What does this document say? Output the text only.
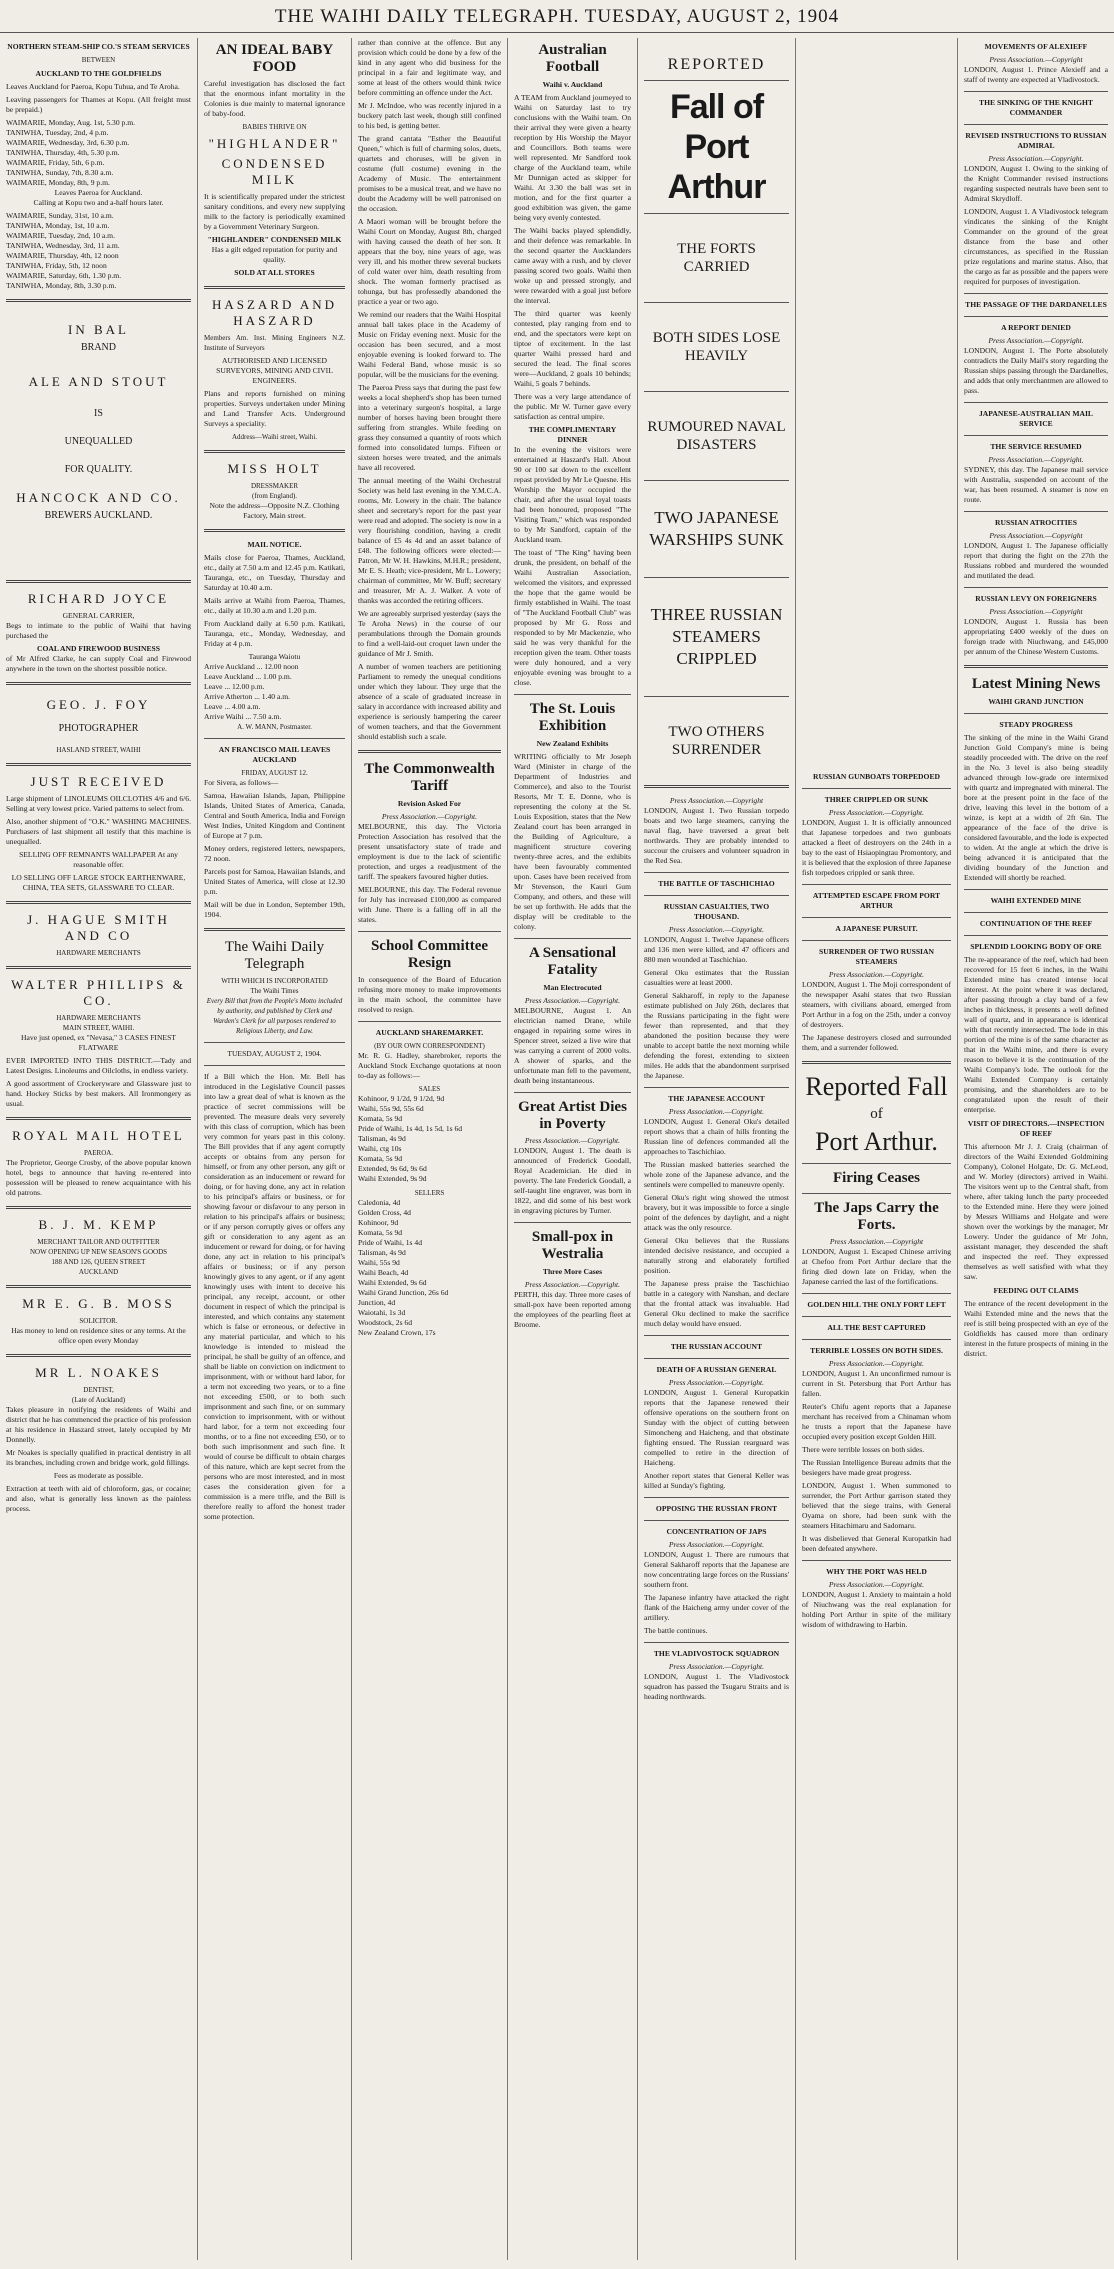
THE WAIHI DAILY TELEGRAPH. TUESDAY, AUGUST 2, 1904
NORTHERN STEAM-SHIP CO.'S STEAM SERVICES
BETWEEN
AUCKLAND TO THE GOLDFIELDS

Leaves Auckland for Paeroa, Kopu Tuhua, and Te Aroha.

Leaving passengers for Thames at Kopu. (All freight must be prepaid.)

WAIMARIE, Monday, Aug. 1st, 5.30 p.m.
TANIWHA, Tuesday, 2nd, 4 p.m.
WAIMARIE, Wednesday, 3rd, 6.30 p.m.
TANIWHA, Thursday, 4th, 5.30 p.m.
WAIMARIE, Friday, 5th, 6 p.m.
TANIWHA, Sunday, 7th, 8.30 a.m.
WAIMARIE, Monday, 8th, 9 p.m.
Leaves Paeroa for Auckland.

Calling at Kopu two and a-half hours later.

WAIMARIE, Sunday, 31st, 10 a.m.
TANIWHA, Monday, 1st, 10 a.m.
WAIMARIE, Tuesday, 2nd, 10 a.m.
TANIWHA, Wednesday, 3rd, 11 a.m.
WAIMARIE, Thursday, 4th, 12 noon
TANIWHA, Friday, 5th, 12 noon
WAIMARIE, Saturday, 6th, 1.30 p.m.
TANIWHA, Monday, 8th, 3.30 p.m.
IN BAL
BRAND
ALE AND STOUT
IS
UNEQUALLED
FOR QUALITY.
HANCOCK AND CO.
BREWERS AUCKLAND.
RICHARD JOYCE
GENERAL CARRIER,

Begs to intimate to the public of Waihi that having purchased the

COAL AND FIREWOOD BUSINESS

of Mr Alfred Clarke, he can supply Coal and Firewood anywhere in the town on the shortest possible notice.

GEO. J. FOY
PHOTOGRAPHER
HASLAND STREET, WAIHI
JUST RECEIVED

Large shipment of LINOLEUMS OILCLOTHS 4/6 and 6/6. Selling at very lowest price. Varied patterns to select from.

Also, another shipment of "O.K." WASHING MACHINES. Purchasers of last shipment all testify that this machine is unequalled.

SELLING OFF REMNANTS WALLPAPER At any reasonable offer.

LO SELLING OFF LARGE STOCK EARTHENWARE, CHINA, TEA SETS, GLASSWARE TO CLEAR.

J. HAGUE SMITH AND CO
HARDWARE MERCHANTS
WALTER PHILLIPS & CO.
HARDWARE MERCHANTS
MAIN STREET, WAIHI.

Have just opened, ex "Nevasa," 3 CASES FINEST FLATWARE

EVER IMPORTED INTO THIS DISTRICT.—Tady and Latest Designs. Linoleums and Oilcloths, in endless variety.

A good assortment of Crockeryware and Glassware just to hand. Hockey Sticks by best makers. All Ironmongery as usual.

ROYAL MAIL HOTEL
PAEROA.

The Proprietor, George Crosby, of the above popular known hotel, begs to announce that having re-entered into possession will be pleased to renew acquaintance with his old patrons.

B. J. M. KEMP
MERCHANT TAILOR AND OUTFITTER
NOW OPENING UP NEW SEASON'S GOODS
188 AND 126, QUEEN STREET
AUCKLAND
MR E. G. B. MOSS
SOLICITOR.

Has money to lend on residence sites or any terms. At the office open every Monday

MR L. NOAKES
DENTIST,
(Late of Auckland)

Takes pleasure in notifying the residents of Waihi and district that he has commenced the practice of his profession at his residence in Haszard street, lately occupied by Mr Donnelly.

Mr Noakes is specially qualified in practical dentistry in all its branches, including crown and bridge work, gold fillings.

Fees as moderate as possible.

Extraction at teeth with aid of chloroform, gas, or cocaine; and also, what is generally less known as the painless process.

AN IDEAL BABY FOOD

Careful investigation has disclosed the fact that the enormous infant mortality in the Colonies is due mainly to maternal ignorance of baby-food.

BABIES THRIVE ON
"HIGHLANDER"
CONDENSED MILK

It is scientifically prepared under the strictest sanitary conditions, and every new supplying milk to the factory is periodically examined by a Government Veterinary Surgeon.

"HIGHLANDER" CONDENSED MILK

Has a gilt edged reputation for purity and quality.

SOLD AT ALL STORES
HASZARD AND HASZARD

Members Am. Inst. Mining Engineers N.Z. Institute of Surveyors

AUTHORISED AND LICENSED SURVEYORS, MINING AND CIVIL ENGINEERS.

Plans and reports furnished on mining properties. Surveys undertaken under Mining and Land Transfer Acts. Underground Surveys a speciality.

Address—Waihi street, Waihi.
MISS HOLT
DRESSMAKER
(from England).

Note the address—Opposite N.Z. Clothing Factory, Main street.

MAIL NOTICE.

Mails close for Paeroa, Thames, Auckland, etc., daily at 7.50 a.m and 12.45 p.m. Katikati, Tauranga, etc., on Tuesday, Thursday and Saturday at 10.40 a.m.

Mails arrive at Waihi from Paeroa, Thames, etc., daily at 10.30 a.m and 1.20 p.m.

From Auckland daily at 6.50 p.m. Katikati, Tauranga, etc., Monday, Wednesday, and Friday at 4 p.m.

Tauranga Waiotu
Arrive Auckland ... 12.00 noon
Leave Auckland ... 1.00 p.m.
Leave ... 12.00 p.m.
Arrive Atherton ... 1.40 a.m.
Leave ... 4.00 a.m.
Arrive Waihi ... 7.50 a.m.
A. W. MANN, Postmaster.
AN FRANCISCO MAIL LEAVES AUCKLAND
FRIDAY, AUGUST 12.

For Sivera, as follows—

Samoa, Hawaiian Islands, Japan, Philippine Islands, United States of America, Canada, Central and South America, India and Foreign West Indies, United Kingdom and Continent of Europe at 7 p.m.

Money orders, registered letters, newspapers, 72 noon.

Parcels post for Samoa, Hawaiian Islands, and United States of America, will close at 12.30 p.m.

Mail will be due in London, September 19th, 1904.

The Waihi Daily Telegraph
WITH WHICH IS INCORPORATED
The Waihi Times

Every Bill that from the People's Motto included by authority, and published by Clerk and Warden's Clerk for all purposes rendered to Religious Liberty, and Law.

TUESDAY, AUGUST 2, 1904.

If a Bill which the Hon. Mr. Bell has introduced in the Legislative Council passes into law a great deal of what is known as the practice of secret commissions will be prevented. The measure deals very severely with this class of corruption, which has been very common for years past in this colony. The Bill provides that if any agent corruptly accepts or obtains from any person for himself, or from any other person, any gift or consideration as an inducement or reward for doing, or for having done, any act in relation to his principal's affairs or business, or for showing favour or disfavour to any person in relation to his principal's affairs or business; or if any person corruptly gives or offers any gift or consideration to any agent as an inducement or reward for doing, or for having done, any act in relation to his principal's affairs or business; or if any person knowingly gives to any agent, or if any agent knowingly uses with intent to deceive his principal, any receipt, account, or other document in respect of which the principal is interested, and which contains any statement which is false or erroneous, or defective in any material particular, and which to his knowledge is intended to mislead the principal, he shall be guilty of an offence, and shall be liable on conviction on indictment to imprisonment, with or without hard labor, for a term not exceeding two years, or to a fine not exceeding £500, or to both such imprisonment and such fine, or on summary conviction to imprisonment, with or without hard labor, for a term not exceeding four months, or to a fine not exceeding £50, or to both such imprisonment and such fine. It would of course be difficult to obtain charges of this nature, which are kept secret from the persons who are most interested, and in most cases the consideration given for a commission is a mere trifle, and the Bill is therefore really to afford the honest trader some protection.

rather than connive at the offence. But any provision which could be done by a few of the kind in any agent who did business for the principal in a fair and legitimate way, and some at least of the others would think twice before committing an offence under the Act.

Mr J. McIndoe, who was recently injured in a buckery patch last week, though still confined to his bed, is getting better.

The grand cantata "Esther the Beautiful Queen," which is full of charming solos, duets, quartets and choruses, will be given in costume (full costume) evening in the Academy of Music. The entertainment promises to be a musical treat, and we have no doubt the Academy will be well patronised on the occasion.

A Maori woman will be brought before the Waihi Court on Monday, August 8th, charged with having caused the death of her son. It appears that the boy, nine years of age, was very ill, and his mother threw several buckets of cold water over him, death resulting from shock. The woman formerly practised as tohunga, but has professedly abandoned the practice a year or two ago.

We remind our readers that the Waihi Hospital annual ball takes place in the Academy of Music on Friday evening next. Music for the occasion has been secured, and a most enjoyable evening is looked forward to. The Waihi Federal Band, whose music is so popular, will be the musicians for the evening.

The Paeroa Press says that during the past few weeks a local shepherd's shop has been turned into a veterinary surgeon's hospital, a large number of horses having been brought there suffering from strangles. While feeding on grass they consumed a quantity of roots which formed into consolidated lumps. Fifteen or sixteen horses were treated, and the animals have all recovered.

The annual meeting of the Waihi Orchestral Society was held last evening in the Y.M.C.A. rooms, Mr. Lowery in the chair. The balance sheet and secretary's report for the past year were read and adopted. The society is now in a very flourishing condition, having a credit balance of £5 4s 4d and an asset balance of £48. The following officers were elected:—Patron, Mr W. H. Hawkins, M.H.R.; president, Mr E. S. Heath; vice-president, Mr L. Lowery; chairman of committee, Mr W. Buff; secretary and treasurer, Mr A. J. Walker. A vote of thanks was accorded the retiring officers.

We are agreeably surprised yesterday (says the Te Aroha News) in the course of our perambulations through the Domain grounds to find a well-laid-out croquet lawn under the guidance of Mr J. Smith.

A number of women teachers are petitioning Parliament to remedy the unequal conditions under which they labour. They urge that the absence of a scale of graduated increase in salary in accordance with increased ability and experience is seriously hampering the career of women teachers, and that the Government should establish such a scale.

The Commonwealth Tariff
Revision Asked For
Press Association.—Copyright.

MELBOURNE, this day. The Victoria Protection Association has resolved that the present unsatisfactory state of trade and employment is due to the lack of scientific protection, and urges a readjustment of the tariff. The speakers favoured higher duties.

MELBOURNE, this day. The Federal revenue for July has increased £100,000 as compared with June. There is a falling off in all the states.

School Committee Resign

In consequence of the Board of Education refusing more money to make improvements in the main school, the committee have resolved to resign.

AUCKLAND SHAREMARKET.
(BY OUR OWN CORRESPONDENT)

Mr. R. G. Hadley, sharebroker, reports the Auckland Stock Exchange quotations at noon to-day as follows:—

SALES
Kohinoor, 9 1/2d, 9 1/2d, 9d
Waihi, 55s 9d, 55s 6d
Komata, 5s 9d
Pride of Waihi, 1s 4d, 1s 5d, 1s 6d
Talisman, 4s 9d
Waihi, ctg 10s
Komata, 5s 9d
Extended, 9s 6d, 9s 6d
Waihi Extended, 9s 9d
SELLERS
Caledonia, 4d
Golden Cross, 4d
Kohinoor, 9d
Komata, 5s 9d
Pride of Waihi, 1s 4d
Talisman, 4s 9d
Waihi, 55s 9d
Waihi Beach, 4d
Waihi Extended, 9s 6d
Waihi Grand Junction, 26s 6d
Junction, 4d
Waiotahi, 1s 3d
Woodstock, 2s 6d
New Zealand Crown, 17s
Australian Football
Waihi v. Auckland

A TEAM from Auckland journeyed to Waihi on Saturday last to try conclusions with the Waihi team. On their arrival they were given a hearty reception by His Worship the Mayor and Councillors. Both teams were well represented. Mr Sandford took charge of the Auckland team, while Mr Dunnigan acted as skipper for Waihi. At 3.30 the ball was set in motion, and for the first quarter a good exhibition was given, the game being very evenly contested.

The Waihi backs played splendidly, and their defence was remarkable. In the second quarter the Aucklanders came away with a rush, and by clever passing scored two goals. Waihi then woke up and pressed strongly, and were rewarded with a goal just before the interval.

The third quarter was keenly contested, play ranging from end to end, and the spectators were kept on tiptoe of excitement. In the last quarter Waihi pressed hard and secured the lead. The final scores were—Auckland, 2 goals 10 behinds; Waihi, 5 goals 7 behinds.

There was a very large attendance of the public. Mr W. Turner gave every satisfaction as central umpire.

THE COMPLIMENTARY DINNER

In the evening the visitors were entertained at Haszard's Hall. About 90 or 100 sat down to the excellent repast provided by Mr Le Quesne. His Worship the Mayor occupied the chair, and after the usual loyal toasts had been honoured, proposed "The Visiting Team," which was responded to by Mr Sandford, captain of the Auckland team.

The toast of "The King" having been drunk, the president, on behalf of the Waihi Australian Association, welcomed the visitors, and expressed the hope that the game would be firmly established in Waihi. The toast of "The Auckland Football Club" was proposed by Mr G. Ross and responded to by Mr Mackenzie, who said he was very thankful for the reception given the team. Other toasts were duly honoured, and a very enjoyable evening was brought to a close.

The St. Louis Exhibition
New Zealand Exhibits

WRITING officially to Mr Joseph Ward (Minister in charge of the Department of Industries and Commerce), and also to the Tourist Resorts, Mr T. E. Donne, who is representing the colony at the St. Louis Exposition, states that the New Zealand court has been arranged in the Building of Agriculture, a magnificent structure covering twenty-three acres, and the exhibits have been favourably commented upon. Cases have been received from Mr Stevenson, the Kauri Gum Company, and others, and these will be set up forthwith. He adds that the display will be creditable to the colony.

A Sensational Fatality
Man Electrocuted
Press Association.—Copyright.

MELBOURNE, August 1. An electrician named Drane, while engaged in repairing some wires in Spencer street, seized a live wire that was carrying a current of 2000 volts. A shower of sparks, and the unfortunate man fell to the pavement, death being instantaneous.

Great Artist Dies in Poverty
Press Association.—Copyright.

LONDON, August 1. The death is announced of Frederick Goodall, Royal Academician. He died in poverty. The late Frederick Goodall, a self-taught line engraver, was born in 1822, and did some of his best work in engraving pictures by Turner.

Small-pox in Westralia
Three More Cases
Press Association.—Copyright.

PERTH, this day. Three more cases of small-pox have been reported among the employees of the pearling fleet at Broome.

REPORTED
Fall of Port Arthur
THE FORTS CARRIED
BOTH SIDES LOSE HEAVILY
RUMOURED NAVAL DISASTERS
TWO JAPANESE WARSHIPS SUNK
THREE RUSSIAN STEAMERS CRIPPLED
TWO OTHERS SURRENDER
Press Association.—Copyright

LONDON, August 1. Two Russian torpedo boats and two large steamers, carrying the naval flag, have traversed a great belt northwards. They are probably intended to succour the cruisers and volunteer squadron in the Red Sea.

THE BATTLE OF TASCHICHIAO
RUSSIAN CASUALTIES, TWO THOUSAND.
Press Association.—Copyright.

LONDON, August 1. Twelve Japanese officers and 136 men were killed, and 47 officers and 880 men wounded at Taschichiao.

General Oku estimates that the Russian casualties were at least 2000.

General Sakharoff, in reply to the Japanese estimate published on July 26th, declares that the Russians participating in the fight were fewer than represented, and that they abandoned the position because they were unable to accept battle the next morning while defending the forest, extending to sixteen miles. He adds that the abandonment surprised the Japanese.

THE JAPANESE ACCOUNT
Press Association.—Copyright.

LONDON, August 1. General Oku's detailed report shows that a chain of hills fronting the Russian line of defences commanded all the approaches to Taschichiao.

The Russian masked batteries searched the whole zone of the Japanese advance, and the sentinels were compelled to maneuvre openly.

General Oku's right wing showed the utmost bravery, but it was impossible to force a single point of the defences by daylight, and a night attack was the only resource.

General Oku believes that the Russians intended decisive resistance, and occupied a naturally strong and elaborately fortified position.

The Japanese press praise the Taschichiao battle in a category with Nanshan, and declare that the frontal attack was invaluable. Had General Oku declined to make the sacrifice much delay would have ensued.

THE RUSSIAN ACCOUNT
DEATH OF A RUSSIAN GENERAL
Press Association.—Copyright.

LONDON, August 1. General Kuropatkin reports that the Japanese renewed their offensive operations on the southern front on Sunday with the object of cutting between Simoncheng and Haicheng, and that obstinate fighting ensued. The Russian rearguard was compelled to retire in the direction of Haicheng.

Another report states that General Keller was killed at Sunday's fighting.

OPPOSING THE RUSSIAN FRONT
CONCENTRATION OF JAPS
Press Association.—Copyright.

LONDON, August 1. There are rumours that General Sakharoff reports that the Japanese are now concentrating large forces on the Russians' southern front.

The Japanese infantry have attacked the right flank of the Haicheng army under cover of the artillery.

The battle continues.

THE VLADIVOSTOCK SQUADRON
Press Association.—Copyright.

LONDON, August 1. The Vladivostock squadron has passed the Tsugaru Straits and is heading northwards.

RUSSIAN GUNBOATS TORPEDOED
THREE CRIPPLED OR SUNK
Press Association.—Copyright.

LONDON, August 1. It is officially announced that Japanese torpedoes and two gunboats attacked a fleet of destroyers on the 24th in a bay to the east of Hsiaopingtau Promontory, and it is believed that the explosion of three Japanese fish torpedoes crippled or sank three.

ATTEMPTED ESCAPE FROM PORT ARTHUR
A JAPANESE PURSUIT.
SURRENDER OF TWO RUSSIAN STEAMERS
Press Association.—Copyright.

LONDON, August 1. The Moji correspondent of the newspaper Asahi states that two Russian steamers, with civilians aboard, emerged from Port Arthur in a fog on the 25th, under a convoy of destroyers.

The Japanese destroyers closed and surrounded them, and a surrender followed.

Reported Fall
of
Port Arthur.
Firing Ceases
The Japs Carry the Forts.
Press Association.—Copyright

LONDON, August 1. Escaped Chinese arriving at Chefoo from Port Arthur declare that the firing died down late on Friday, when the Japanese carried the last of the fortifications.

GOLDEN HILL THE ONLY FORT LEFT
ALL THE BEST CAPTURED
TERRIBLE LOSSES ON BOTH SIDES.
Press Association.—Copyright.

LONDON, August 1. An unconfirmed rumour is current in St. Petersburg that Port Arthur has fallen.

Reuter's Chifu agent reports that a Japanese merchant has received from a Chinaman whom he trusts a report that the Japanese have occupied every position except Golden Hill.

There were terrible losses on both sides.

The Russian Intelligence Bureau admits that the besiegers have made great progress.

LONDON, August 1. When summoned to surrender, the Port Arthur garrison stated they believed that the siege trains, with General Oyama on shore, had been sunk with the steamers Hitachimaru and Sadomaru.

It was disbelieved that General Kuropatkin had been defeated anywhere.

WHY THE PORT WAS HELD
Press Association.—Copyright.

LONDON, August 1. Anxiety to maintain a hold of Niuchwang was the real explanation for holding Port Arthur in spite of the military wisdom of withdrawing to Harbin.

MOVEMENTS OF ALEXIEFF
Press Association.—Copyright

LONDON, August 1. Prince Alexieff and a staff of twenty are expected at Vladivostock.

THE SINKING OF THE KNIGHT COMMANDER
REVISED INSTRUCTIONS TO RUSSIAN ADMIRAL
Press Association.—Copyright.

LONDON, August 1. Owing to the sinking of the Knight Commander revised instructions regarding suspected neutrals have been sent to Admiral Skrydloff.

LONDON, August 1. A Vladivostock telegram vindicates the sinking of the Knight Commander on the ground of the great distance from the base and other circumstances, as specified in the Russian prize regulations and marine status. Also, that the cargo as far as possible and the papers were required for purposes of investigation.

THE PASSAGE OF THE DARDANELLES
A REPORT DENIED
Press Association.—Copyright.

LONDON, August 1. The Porte absolutely contradicts the Daily Mail's story regarding the Russian ships passing through the Dardanelles, and adds that only merchantmen are allowed to pass.

JAPANESE-AUSTRALIAN MAIL SERVICE
THE SERVICE RESUMED
Press Association.—Copyright.

SYDNEY, this day. The Japanese mail service with Australia, suspended on account of the war, has been resumed. A steamer is now en route.

RUSSIAN ATROCITIES
Press Association.—Copyright

LONDON, August 1. The Japanese officially report that during the fight on the 27th the Russians robbed and murdered the wounded and mutilated the dead.

RUSSIAN LEVY ON FOREIGNERS
Press Association.—Copyright

LONDON, August 1. Russia has been appropriating £400 weekly of the dues on foreign trade with Niuchwang, and £45,000 per annum of the Chinese Western Customs.

Latest Mining News
WAIHI GRAND JUNCTION
STEADY PROGRESS

The sinking of the mine in the Waihi Grand Junction Gold Company's mine is being steadily proceeded with. The drive on the reef in the No. 3 level is also being steadily advanced through low-grade ore intermixed with quartz and impregnated with mineral. The bore at the present point in the face of the drive, leaving this level in the bottom of a winze, is kept at a width of 2ft 6in. The appearance of the face of the drive is considered favourable, and the lode is expected to widen. At the angle at which the drive is being advanced it is anticipated that the dividing boundary of the Junction and Extended will shortly be reached.

WAIHI EXTENDED MINE
CONTINUATION OF THE REEF
SPLENDID LOOKING BODY OF ORE

The re-appearance of the reef, which had been recovered for 15 feet 6 inches, in the Waihi Extended mine has created intense local interest. At the point where it was declared, after passing through a clay band of a few inches in thickness, it presents a well defined wall of quartz, and in appearance is identical with that recently intersected. The lode in this portion of the mine is of the same character as that in the Waihi mine, and there is every reason to believe it is the continuation of the Waihi Company's lode. The outlook for the Waihi Extended Company is certainly promising, and the shareholders are to be congratulated upon the result of their enterprise.

VISIT OF DIRECTORS.—INSPECTION OF REEF

This afternoon Mr J. J. Craig (chairman of directors of the Waihi Extended Goldmining Company), Colonel Holgate, Dr. G. McLeod, and W. Morley (directors) arrived in Waihi. The visitors went up to the Central shaft, from where, after taking lunch the party proceeded to the Extended mine. Here they were joined by Messrs Williams and Holgate and were shown over the workings by the manager, Mr Lowery. Under the guidance of Mr John, assistant manager, they descended the shaft and inspected the reef. They expressed themselves as well satisfied with what they saw.

FEEDING OUT CLAIMS

The entrance of the recent development in the Waihi Extended mine and the news that the reef is still being prospected with an eye of the Goldfields has caused more than ordinary interest in the future prospects of mining in the district.
